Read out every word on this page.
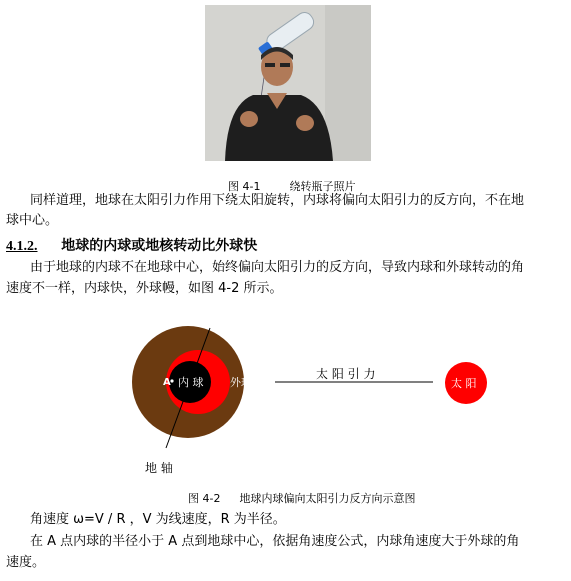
图 4-1	绕转瓶子照片
同样道理，地球在太阳引力作用下绕太阳旋转，内球将偏向太阳引力的反方向，不在地
球中心。
4.1.2. 地球的内球或地核转动比外球快
由于地球的内球不在地球中心，始终偏向太阳引力的反方向，导致内球和外球转动的角
速度不一样，内球快，外球幔，如图 4-2 所示。
A 内 球 外球
太 阳 引 力
太 阳
地 轴
图 4-2 地球内球偏向太阳引力反方向示意图
角速度 ω=V / R ，V 为线速度，R 为半径。
在 A 点内球的半径小于 A 点到地球中心，依据角速度公式，内球角速度大于外球的角
速度。
